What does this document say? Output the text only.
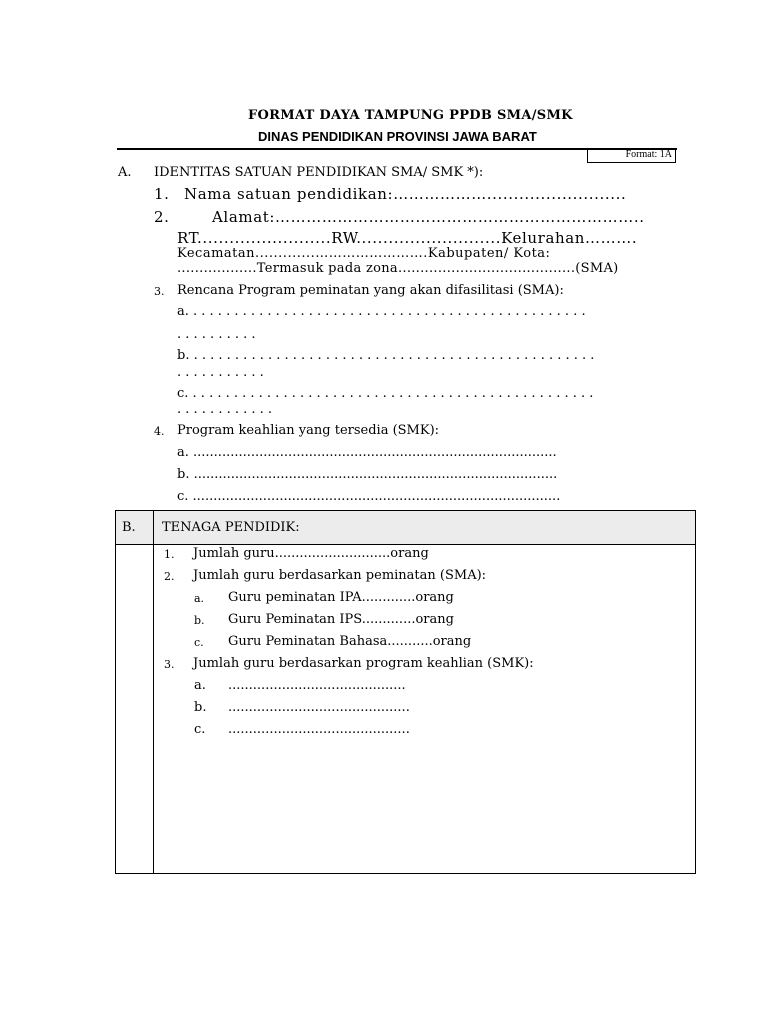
FORMAT DAYA TAMPUNG PPDB SMA/SMK
DINAS PENDIDIKAN PROVINSI JAWA BARAT
Format: 1A
A. IDENTITAS SATUAN PENDIDIKAN SMA/ SMK *):
1. Nama satuan pendidikan:………………..........................
2.	Alamat:……………………………………………………………..
RT.........................RW...........................Kelurahan……….
Kecamatan.............…………………….Kabupaten/ Kota:
..................Termasuk pada zona........................................(SMA)
3. Rencana Program peminatan yang akan difasilitasi (SMA):
a. . . . . . . . . . . . . . . . . . . . . . . . . . . . . . . . . . . . . . . . . . . . . . . . .
. . . . . . . . . .
b. . . . . . . . . . . . . . . . . . . . . . . . . . . . . . . . . . . . . . . . . . . . . . . . . .
. . . . . . . . . . .
c. . . . . . . . . . . . . . . . . . . . . . . . . . . . . . . . . . . . . . . . . . . . . . . . . .
. . . . . . . . . . . .
4. Program keahlian yang tersedia (SMK):
a. ........................................................................................
b. ........................................................................................
c. .........................................................................................
B. TENAGA PENDIDIK:
1. Jumlah guru............................orang
2. Jumlah guru berdasarkan peminatan (SMA):
a. Guru peminatan IPA.............orang
b. Guru Peminatan IPS.............orang
c. Guru Peminatan Bahasa...........orang
3. Jumlah guru berdasarkan program keahlian (SMK):
a. ...........................................
b. ............................................
c. ............................................
